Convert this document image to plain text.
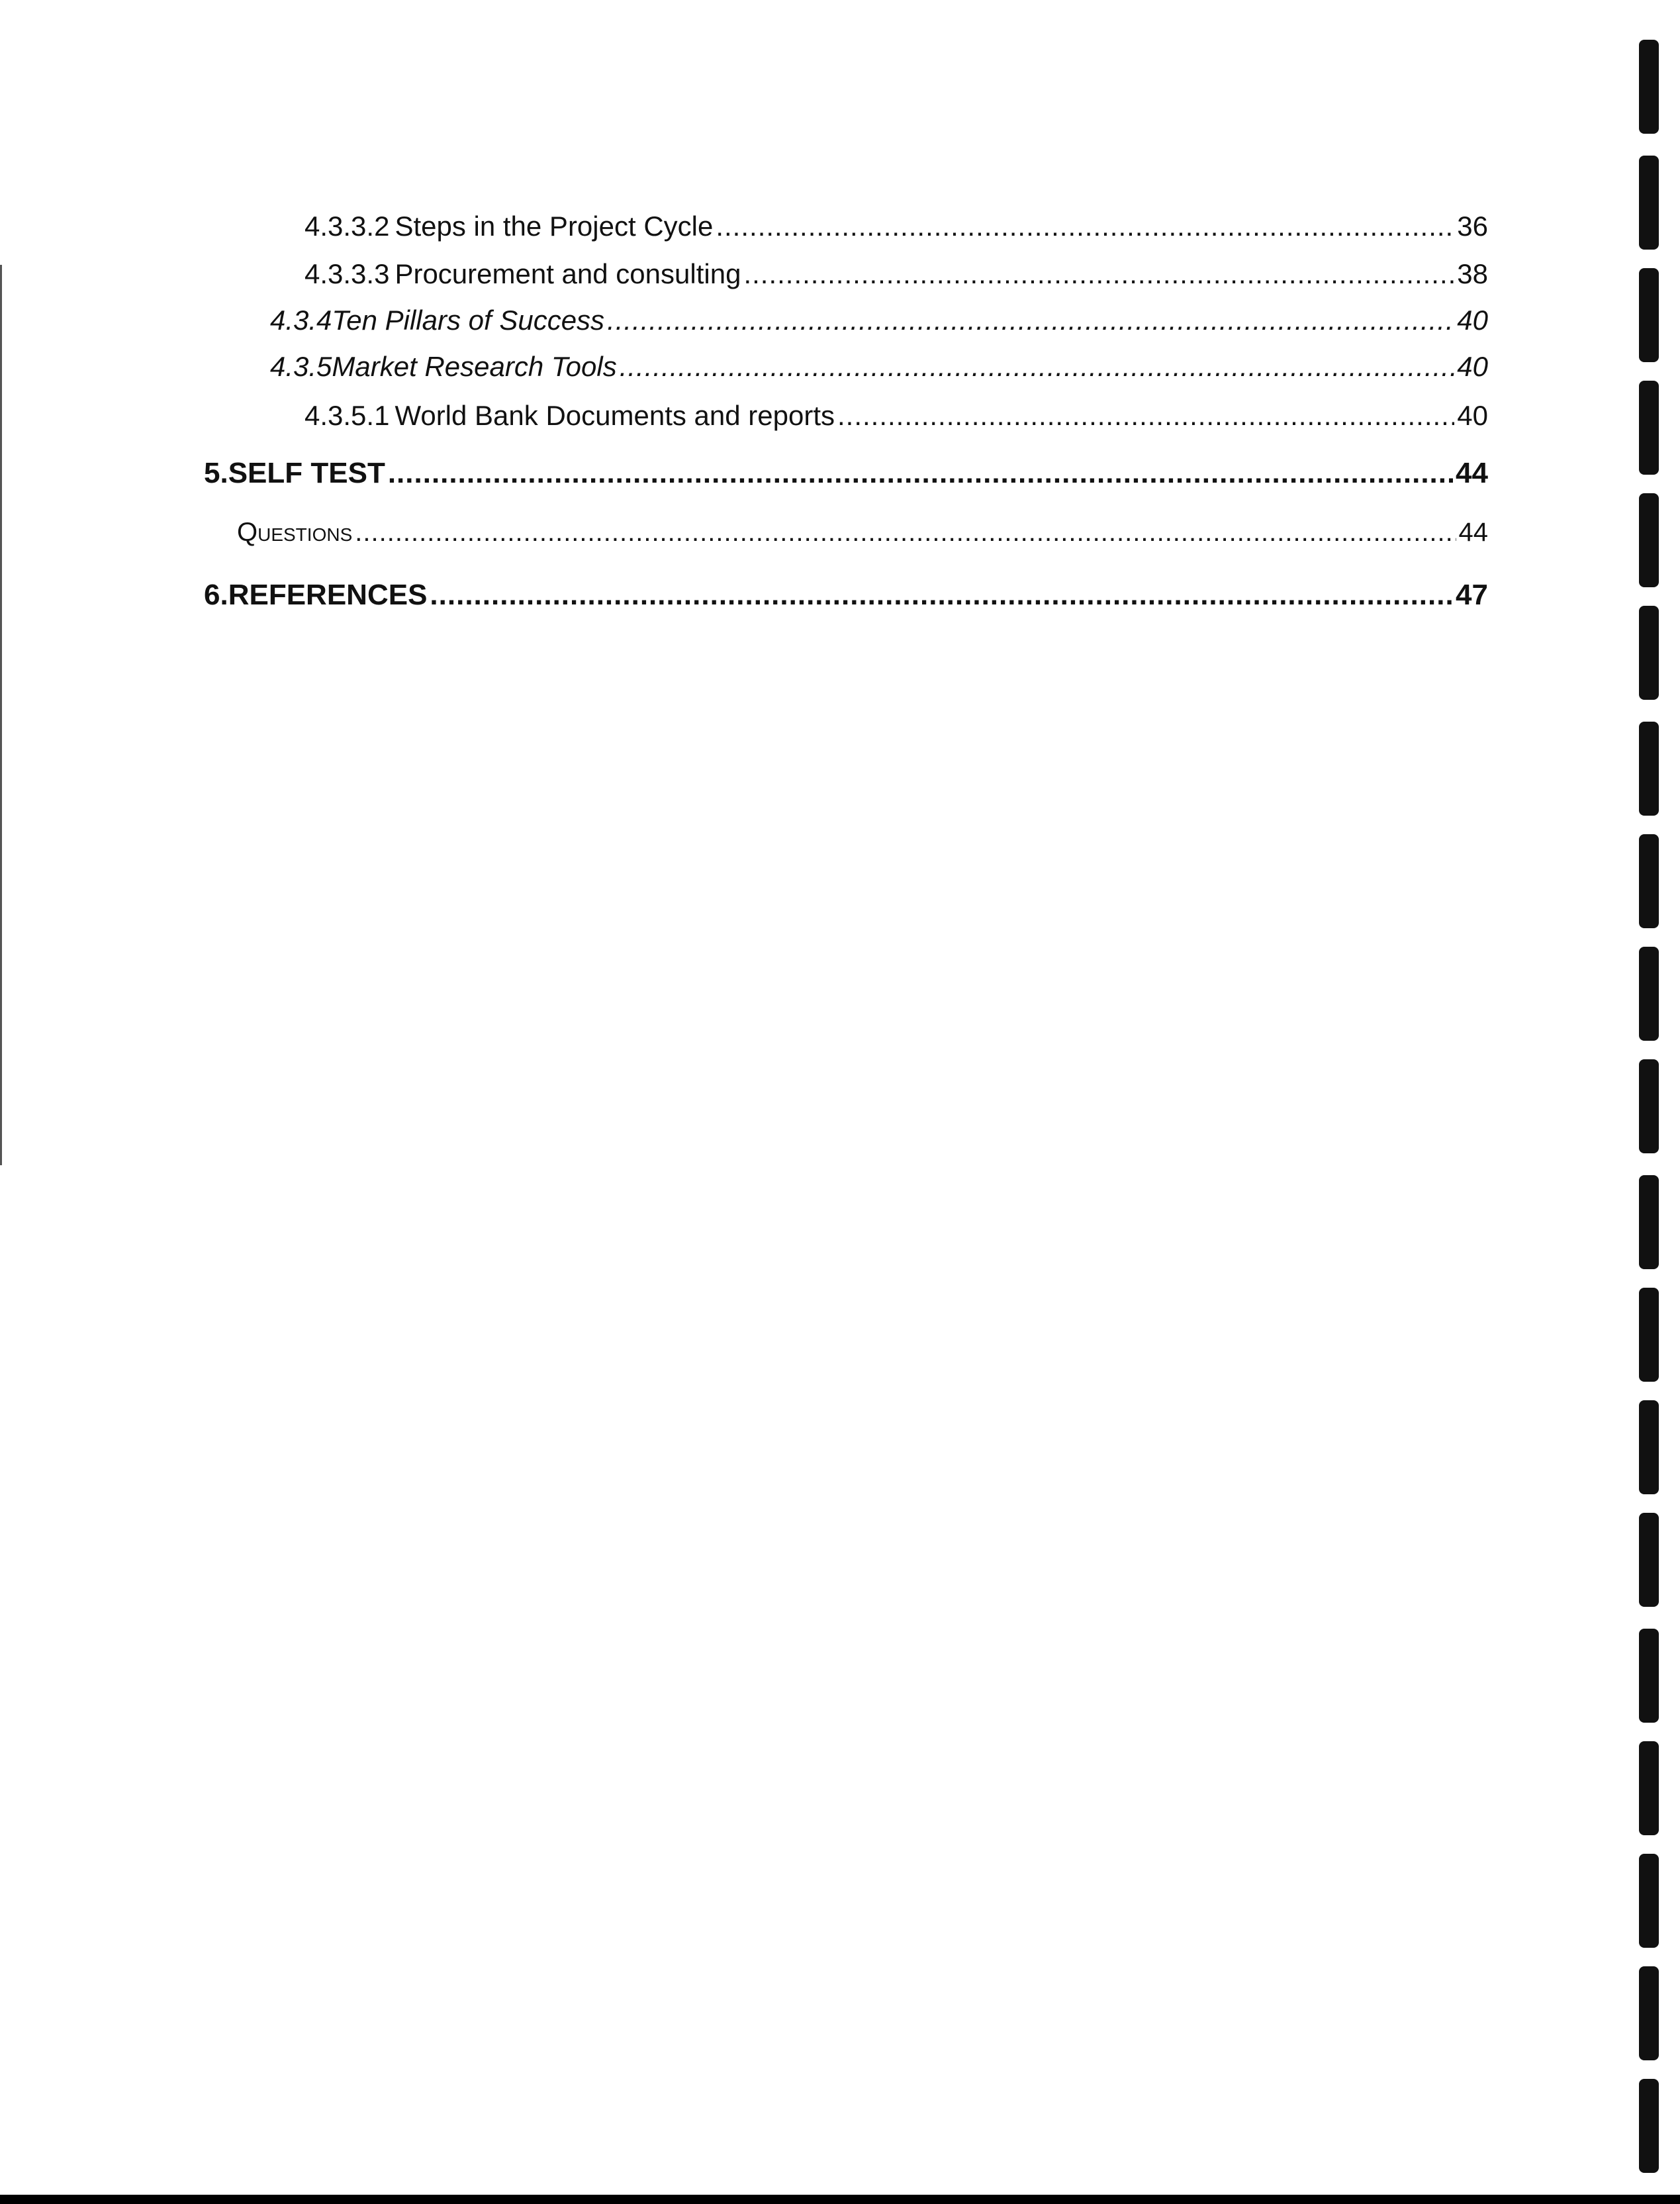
4.3.3.2 Steps in the Project Cycle .....	36
4.3.3.3 Procurement and consulting .....	38
4.3.4 Ten Pillars of Success .....	40
4.3.5 Market Research Tools .....	40
4.3.5.1 World Bank Documents and reports .....	40
5. SELF TEST .....	44
Questions .....	44
6. REFERENCES .....	47
